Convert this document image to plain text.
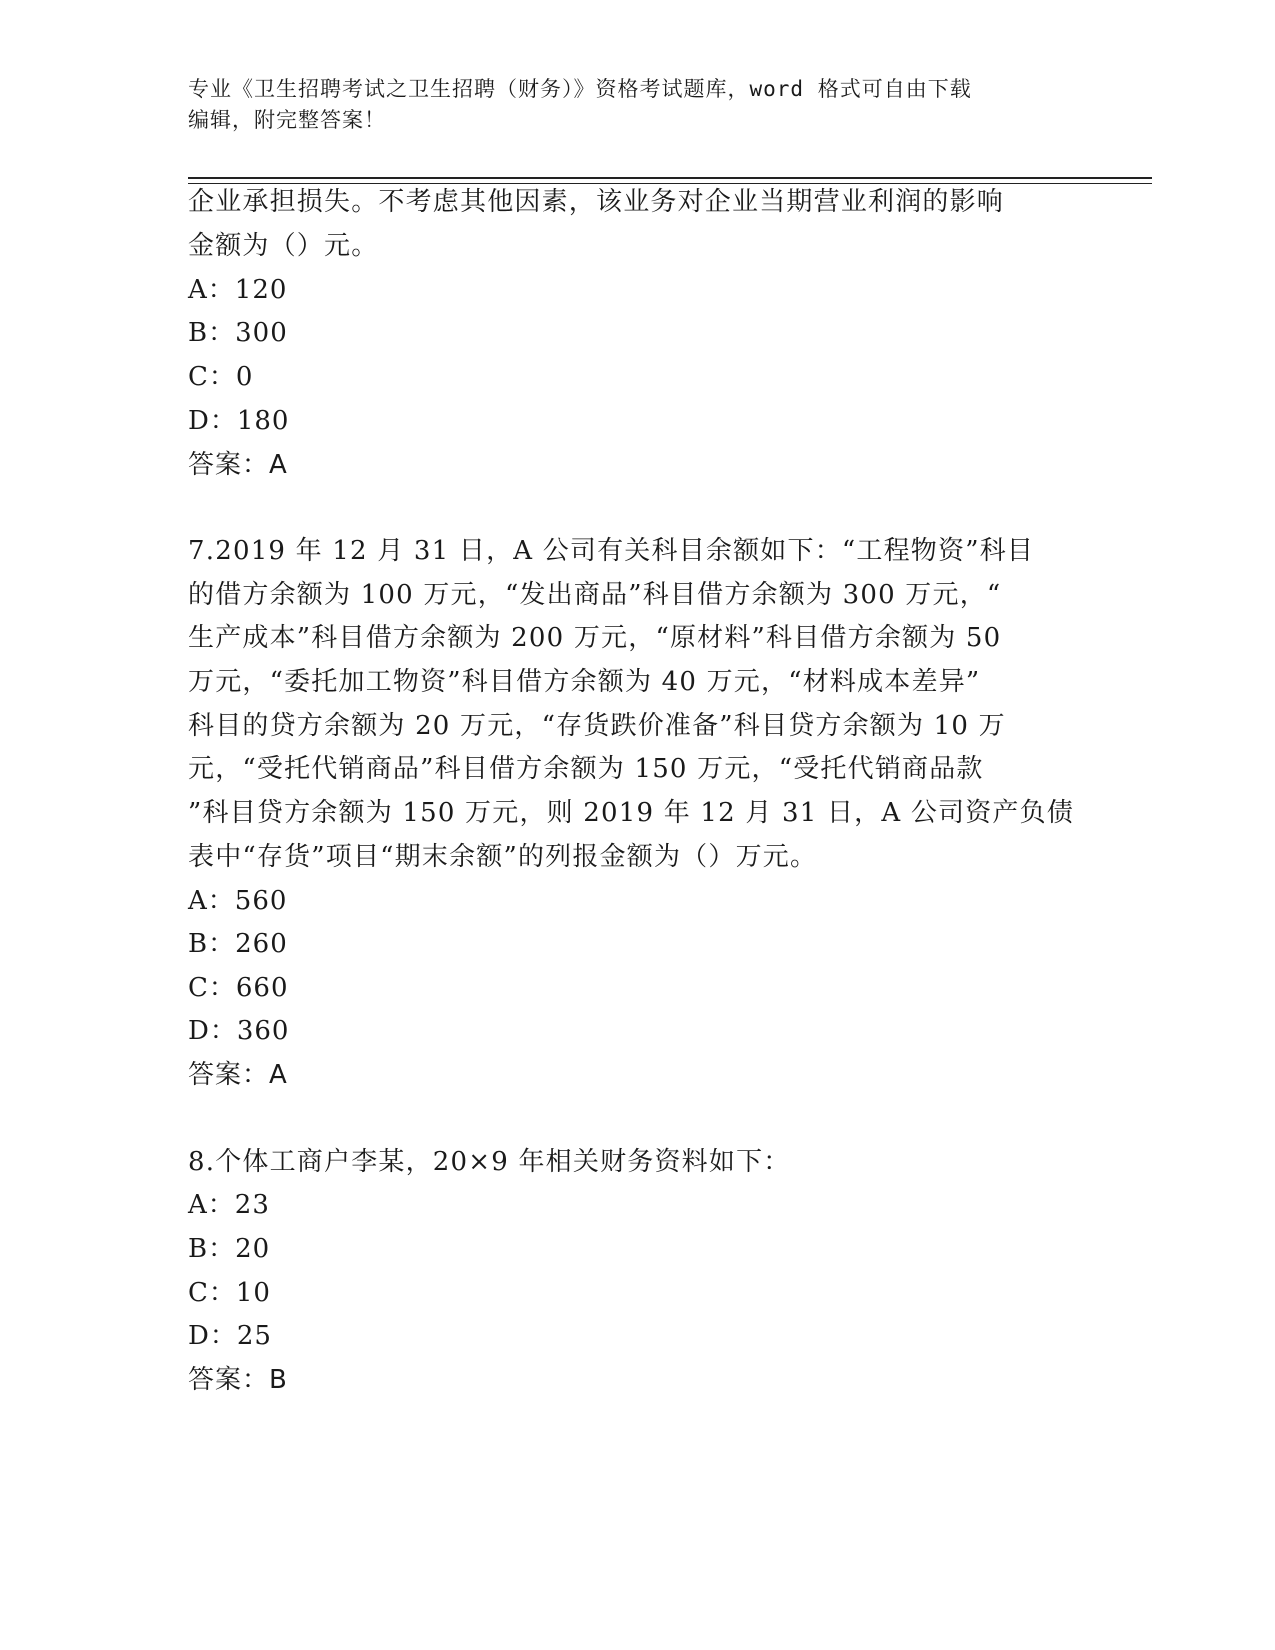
专业《卫生招聘考试之卫生招聘（财务）》资格考试题库，word 格式可自由下载
编辑，附完整答案！
企业承担损失。不考虑其他因素，该业务对企业当期营业利润的影响
金额为（）元。
A：120
B：300
C：0
D：180
答案：A
7.2019 年 12 月 31 日，A 公司有关科目余额如下：“工程物资”科目
的借方余额为 100 万元，“发出商品”科目借方余额为 300 万元，“
生产成本”科目借方余额为 200 万元，“原材料”科目借方余额为 50
万元，“委托加工物资”科目借方余额为 40 万元，“材料成本差异”
科目的贷方余额为 20 万元，“存货跌价准备”科目贷方余额为 10 万
元，“受托代销商品”科目借方余额为 150 万元，“受托代销商品款
”科目贷方余额为 150 万元，则 2019 年 12 月 31 日，A 公司资产负债
表中“存货”项目“期末余额”的列报金额为（）万元。
A：560
B：260
C：660
D：360
答案：A
8.个体工商户李某，20×9 年相关财务资料如下：
A：23
B：20
C：10
D：25
答案：B
